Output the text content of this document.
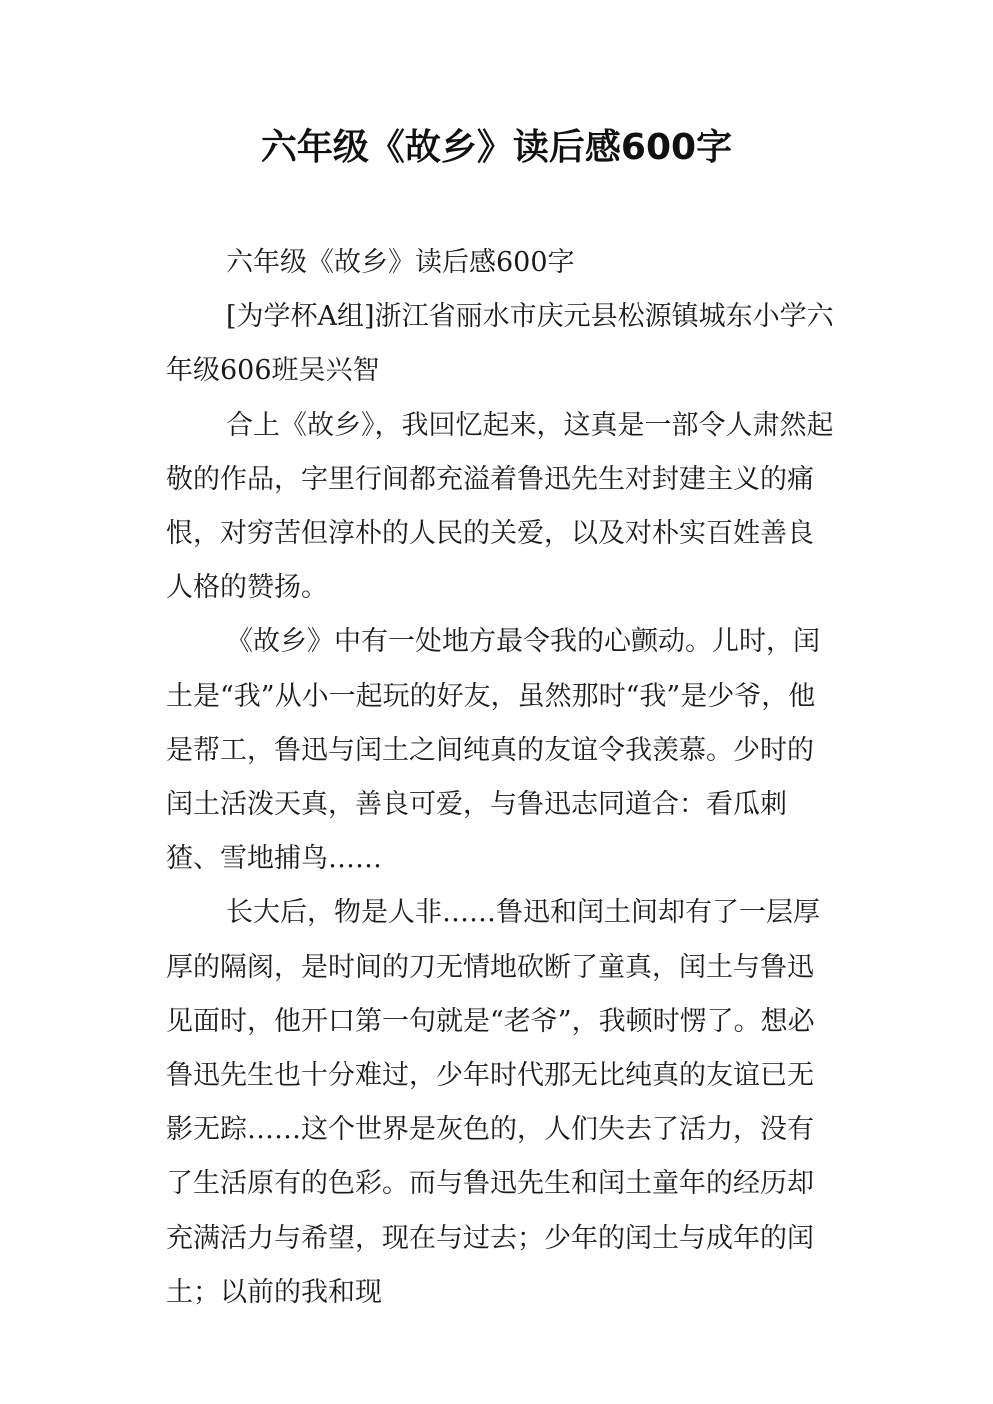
六年级《故乡》读后感600字

六年级《故乡》读后感600字

[为学杯A组]浙江省丽水市庆元县松源镇城东小学六年级606班吴兴智

合上《故乡》，我回忆起来，这真是一部令人肃然起敬的作品，字里行间都充溢着鲁迅先生对封建主义的痛恨，对穷苦但淳朴的人民的关爱，以及对朴实百姓善良人格的赞扬。

《故乡》中有一处地方最令我的心颤动。儿时，闰土是“我”从小一起玩的好友，虽然那时“我”是少爷，他是帮工，鲁迅与闰土之间纯真的友谊令我羡慕。少时的闰土活泼天真，善良可爱，与鲁迅志同道合：看瓜刺猹、雪地捕鸟……

长大后，物是人非……鲁迅和闰土间却有了一层厚厚的隔阂，是时间的刀无情地砍断了童真，闰土与鲁迅见面时，他开口第一句就是“老爷”，我顿时愣了。想必鲁迅先生也十分难过，少年时代那无比纯真的友谊已无影无踪……这个世界是灰色的，人们失去了活力，没有了生活原有的色彩。而与鲁迅先生和闰土童年的经历却充满活力与希望，现在与过去；少年的闰土与成年的闰土；以前的我和现
